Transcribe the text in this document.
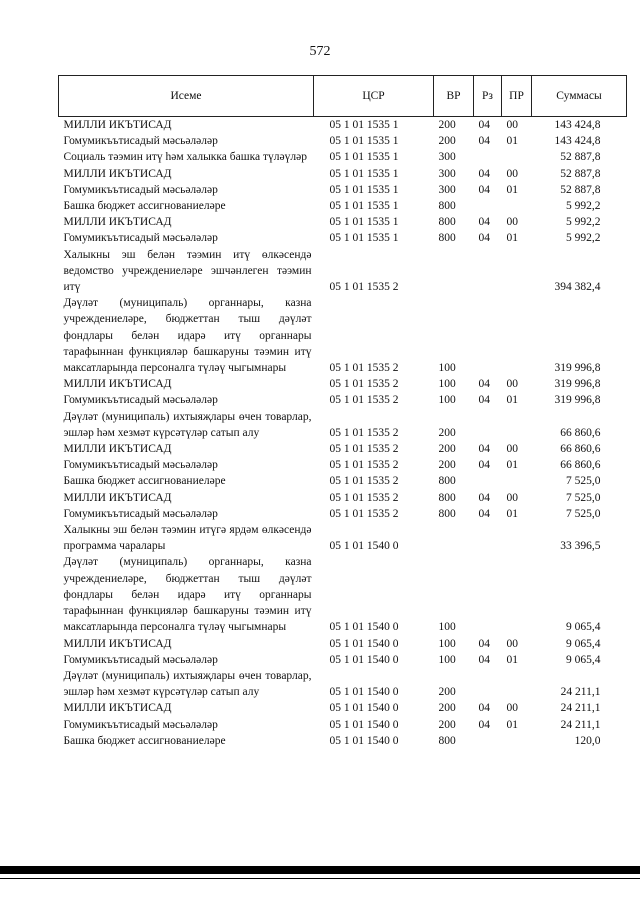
572
Исеме	ЦСР	ВР	Рз	ПР	Суммасы
МИЛЛИ ИКЪТИСАД	05 1 01 1535 1	200	04	00	143 424,8
Гомумикъътисадый мәсьәләләр	05 1 01 1535 1	200	04	01	143 424,8
Социаль тәэмин итү һәм халыкка башка түләүләр	05 1 01 1535 1	300			52 887,8
МИЛЛИ ИКЪТИСАД	05 1 01 1535 1	300	04	00	52 887,8
Гомумикъътисадый мәсьәләләр	05 1 01 1535 1	300	04	01	52 887,8
Башка бюджет ассигнованиеләре	05 1 01 1535 1	800			5 992,2
МИЛЛИ ИКЪТИСАД	05 1 01 1535 1	800	04	00	5 992,2
Гомумикъътисадый мәсьәләләр	05 1 01 1535 1	800	04	01	5 992,2
Халыкны эш белән тәэмин итү өлкәсендә ведомство учреждениеләре эшчәнлеген тәэмин итү	05 1 01 1535 2				394 382,4
Дәүләт (муниципаль) органнары, казна учреждениеләре, бюджеттан тыш дәүләт фондлары белән идарә итү органнары тарафыннан функцияләр башкаруны тәэмин итү максатларында персоналга түләү чыгымнары	05 1 01 1535 2	100			319 996,8
МИЛЛИ ИКЪТИСАД	05 1 01 1535 2	100	04	00	319 996,8
Гомумикъътисадый мәсьәләләр	05 1 01 1535 2	100	04	01	319 996,8
Дәүләт (муниципаль) ихтыяҗлары өчен товарлар, эшләр һәм хезмәт күрсәтүләр сатып алу	05 1 01 1535 2	200			66 860,6
МИЛЛИ ИКЪТИСАД	05 1 01 1535 2	200	04	00	66 860,6
Гомумикъътисадый мәсьәләләр	05 1 01 1535 2	200	04	01	66 860,6
Башка бюджет ассигнованиеләре	05 1 01 1535 2	800			7 525,0
МИЛЛИ ИКЪТИСАД	05 1 01 1535 2	800	04	00	7 525,0
Гомумикъътисадый мәсьәләләр	05 1 01 1535 2	800	04	01	7 525,0
Халыкны эш белән тәэмин итүгә ярдәм өлкәсендә программа чаралары	05 1 01 1540 0				33 396,5
Дәүләт (муниципаль) органнары, казна учреждениеләре, бюджеттан тыш дәүләт фондлары белән идарә итү органнары тарафыннан функцияләр башкаруны тәэмин итү максатларында персоналга түләү чыгымнары	05 1 01 1540 0	100			9 065,4
МИЛЛИ ИКЪТИСАД	05 1 01 1540 0	100	04	00	9 065,4
Гомумикъътисадый мәсьәләләр	05 1 01 1540 0	100	04	01	9 065,4
Дәүләт (муниципаль) ихтыяҗлары өчен товарлар, эшләр һәм хезмәт күрсәтүләр сатып алу	05 1 01 1540 0	200			24 211,1
МИЛЛИ ИКЪТИСАД	05 1 01 1540 0	200	04	00	24 211,1
Гомумикъътисадый мәсьәләләр	05 1 01 1540 0	200	04	01	24 211,1
Башка бюджет ассигнованиеләре	05 1 01 1540 0	800			120,0
